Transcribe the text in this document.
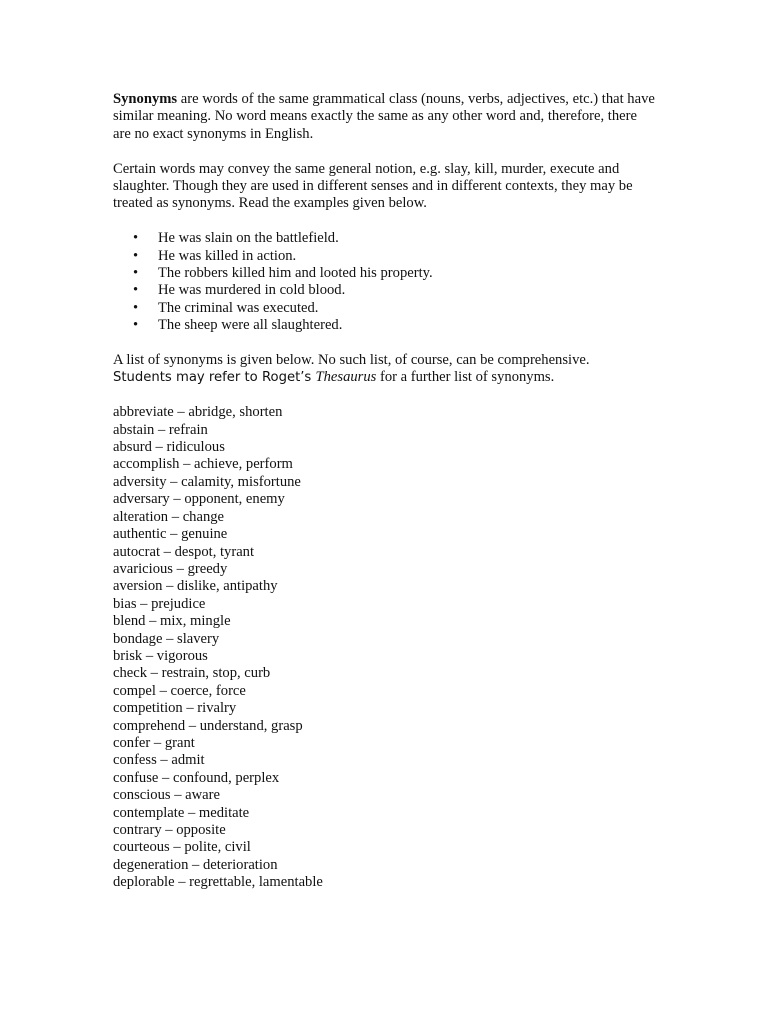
Synonyms are words of the same grammatical class (nouns, verbs, adjectives, etc.) that have similar meaning. No word means exactly the same as any other word and, therefore, there are no exact synonyms in English.

Certain words may convey the same general notion, e.g. slay, kill, murder, execute and slaughter. Though they are used in different senses and in different contexts, they may be treated as synonyms. Read the examples given below.

• He was slain on the battlefield.
• He was killed in action.
• The robbers killed him and looted his property.
• He was murdered in cold blood.
• The criminal was executed.
• The sheep were all slaughtered.

A list of synonyms is given below. No such list, of course, can be comprehensive.

Students may refer to Roget’s Thesaurus for a further list of synonyms.

abbreviate – abridge, shorten
abstain – refrain
absurd – ridiculous
accomplish – achieve, perform
adversity – calamity, misfortune
adversary – opponent, enemy
alteration – change
authentic – genuine
autocrat – despot, tyrant
avaricious – greedy
aversion – dislike, antipathy
bias – prejudice
blend – mix, mingle
bondage – slavery
brisk – vigorous
check – restrain, stop, curb
compel – coerce, force
competition – rivalry
comprehend – understand, grasp
confer – grant
confess – admit
confuse – confound, perplex
conscious – aware
contemplate – meditate
contrary – opposite
courteous – polite, civil
degeneration – deterioration
deplorable – regrettable, lamentable
